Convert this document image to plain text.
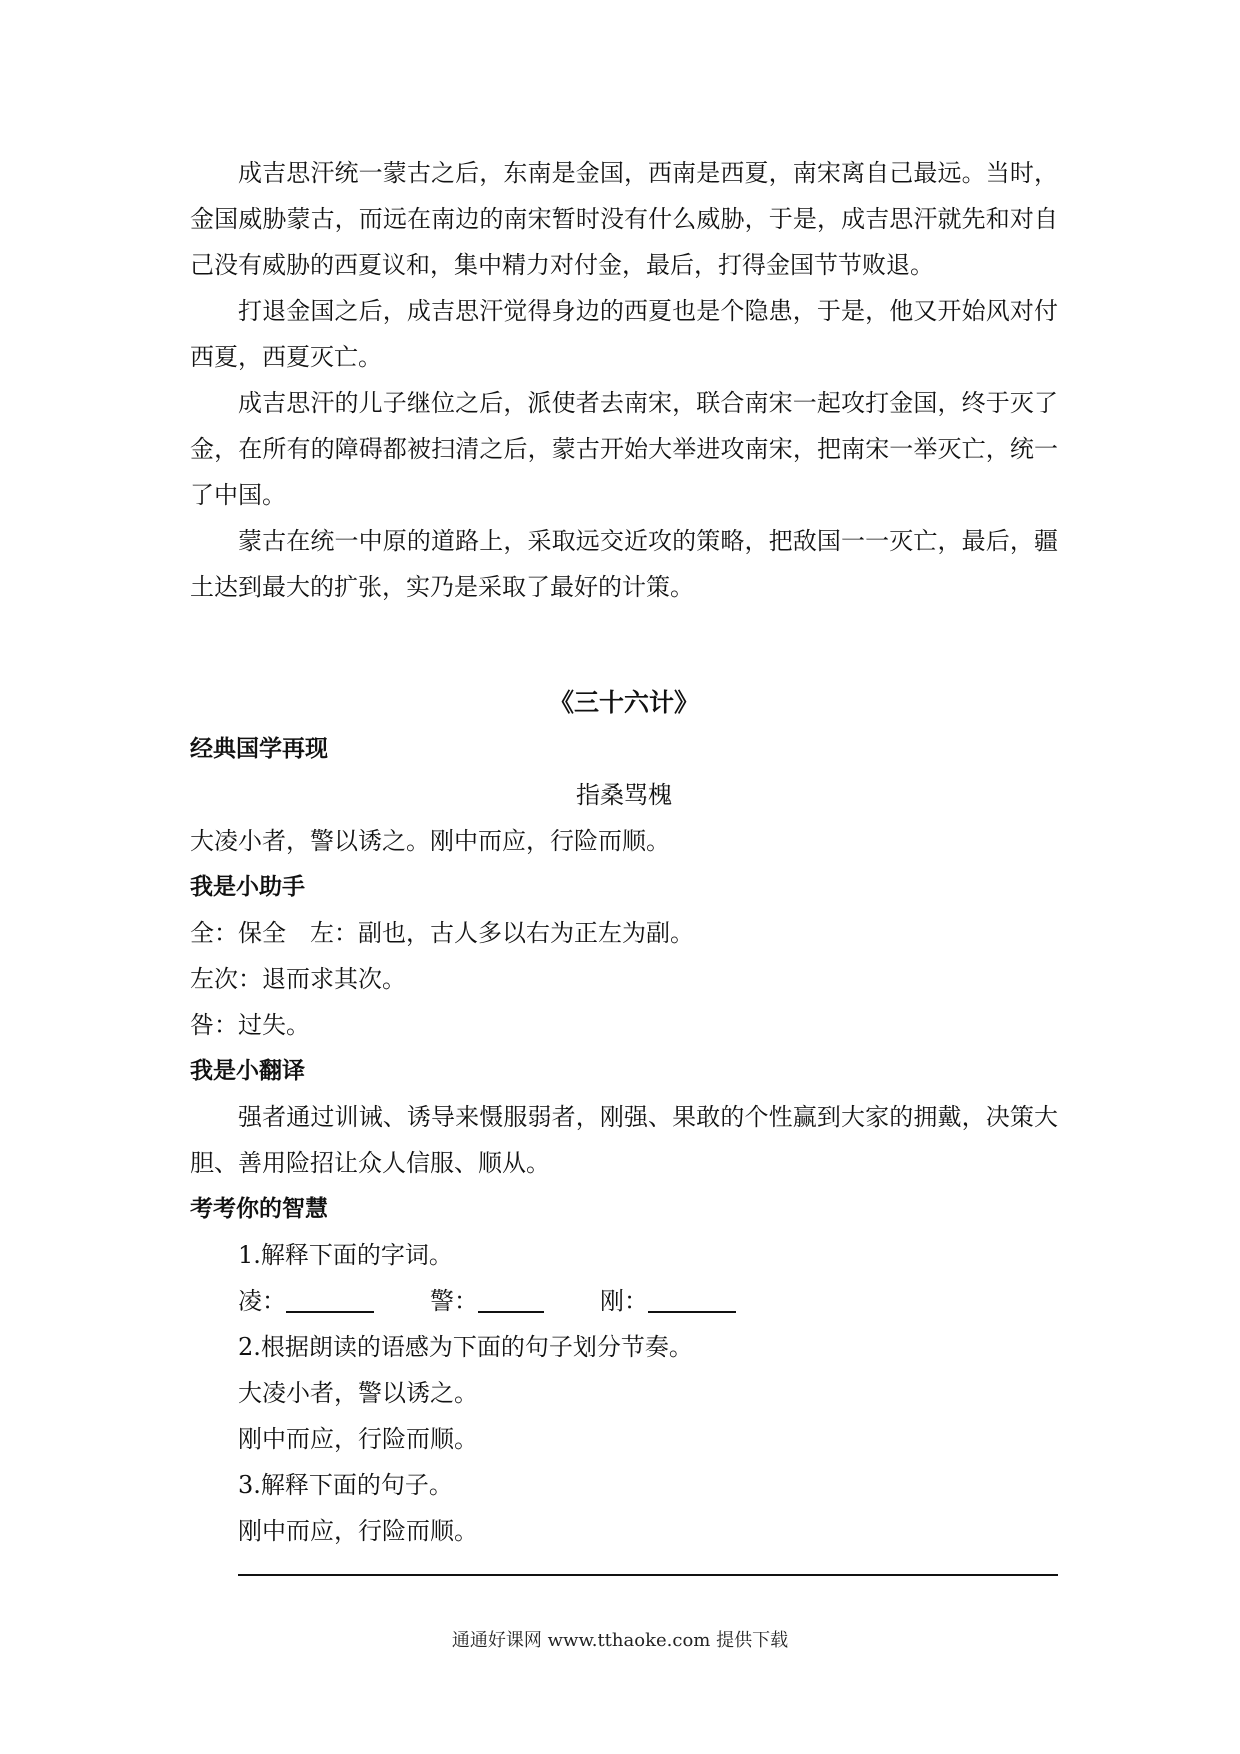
成吉思汗统一蒙古之后，东南是金国，西南是西夏，南宋离自己最远。当时，金国威胁蒙古，而远在南边的南宋暂时没有什么威胁，于是，成吉思汗就先和对自己没有威胁的西夏议和，集中精力对付金，最后，打得金国节节败退。

打退金国之后，成吉思汗觉得身边的西夏也是个隐患，于是，他又开始风对付西夏，西夏灭亡。

成吉思汗的儿子继位之后，派使者去南宋，联合南宋一起攻打金国，终于灭了金，在所有的障碍都被扫清之后，蒙古开始大举进攻南宋，把南宋一举灭亡，统一了中国。

蒙古在统一中原的道路上，采取远交近攻的策略，把敌国一一灭亡，最后，疆土达到最大的扩张，实乃是采取了最好的计策。

《三十六计》

经典国学再现

指桑骂槐

大凌小者，警以诱之。刚中而应，行险而顺。

我是小助手

全：保全　左：副也，古人多以右为正左为副。

左次：退而求其次。

咎：过失。

我是小翻译

强者通过训诫、诱导来慑服弱者，刚强、果敢的个性赢到大家的拥戴，决策大胆、善用险招让众人信服、顺从。

考考你的智慧

1.解释下面的字词。

凌：	警：	刚：

2.根据朗读的语感为下面的句子划分节奏。

大凌小者，警以诱之。

刚中而应，行险而顺。

3.解释下面的句子。

刚中而应，行险而顺。

通通好课网 www.tthaoke.com 提供下载
